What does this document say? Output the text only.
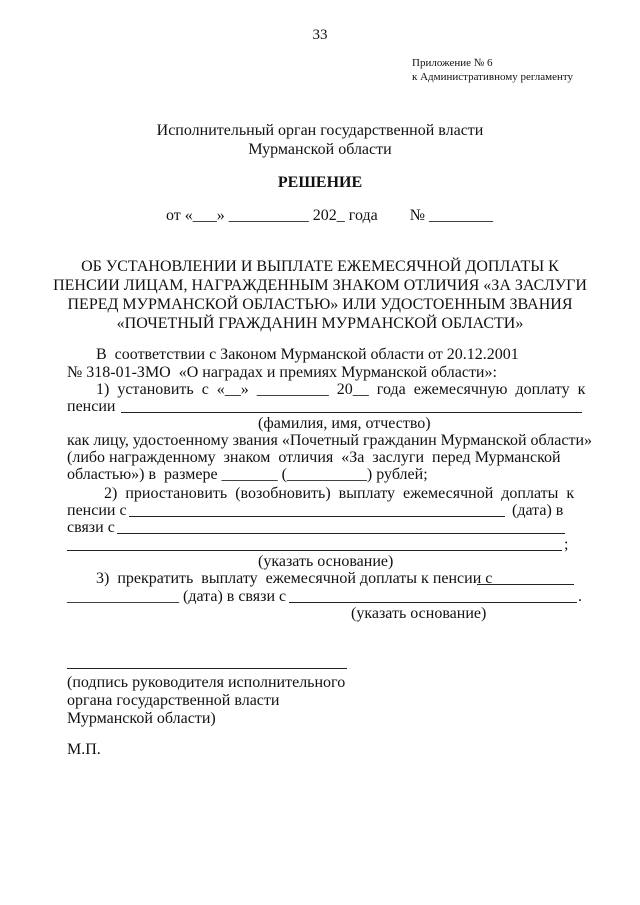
33
Приложение № 6
к Административному регламенту
Исполнительный орган государственной власти
Мурманской области
РЕШЕНИЕ
от «___» __________ 202_ года        № ________
ОБ УСТАНОВЛЕНИИ И ВЫПЛАТЕ ЕЖЕМЕСЯЧНОЙ ДОПЛАТЫ К
ПЕНСИИ ЛИЦАМ, НАГРАЖДЕННЫМ ЗНАКОМ ОТЛИЧИЯ «ЗА ЗАСЛУГИ
ПЕРЕД МУРМАНСКОЙ ОБЛАСТЬЮ» ИЛИ УДОСТОЕННЫМ ЗВАНИЯ
«ПОЧЕТНЫЙ ГРАЖДАНИН МУРМАНСКОЙ ОБЛАСТИ»
В  соответствии с Законом Мурманской области от 20.12.2001
№ 318-01-ЗМО  «О наградах и премиях Мурманской области»:
1)  установить  с  «__»  _________  20__  года  ежемесячную  доплату  к
пенсии
(фамилия, имя, отчество)
как лицу, удостоенному звания «Почетный гражданин Мурманской области»
(либо награжденному  знаком  отличия  «За  заслуги  перед Мурманской
областью») в  размере _______ (__________) рублей;
2)  приостановить  (возобновить)  выплату  ежемесячной  доплаты  к
пенсии с	(дата) в
связи с
;
(указать основание)
3)  прекратить  выплату  ежемесячной доплаты к пенсии с
______________ (дата) в связи с	.
(указать основание)
(подпись руководителя исполнительного
органа государственной власти
Мурманской области)
М.П.
